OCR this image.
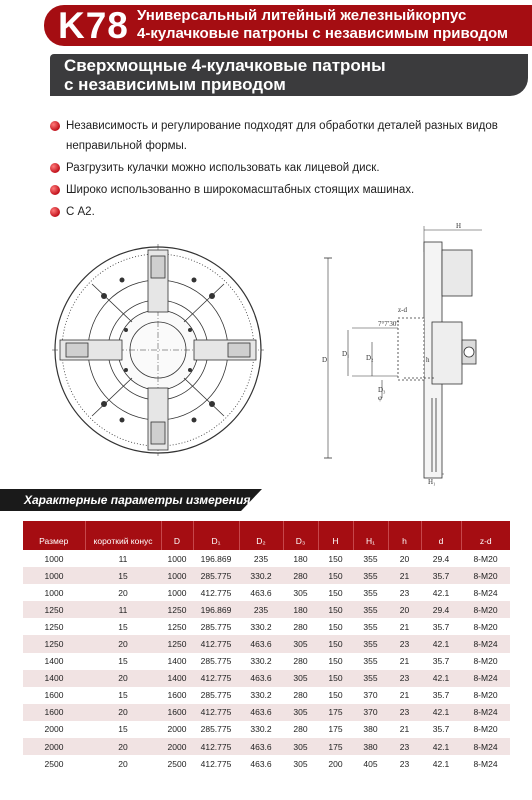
K78 Универсальный литейный железныйкорпус
4-кулачковые патроны с независимым приводом
Сверхмощные 4-кулачковые патроны
с независимым приводом
Независимость и регулирование подходят для обработки деталей разных видов неправильной формы.
Разгрузить кулачки можно использовать как лицевой диск.
Широко использованно в широкомасштабных стоящих машинах.
С А2.
H
D
D₁ D₂
D₃
h
H₁
z-d
7°7′30″
φ
Характерные параметры измерения
Размер	короткий конус	D	D₁	D₂	D₃	H	H₁	h	d	z-d
1000	11	1000	196.869	235	180	150	355	20	29.4	8-M20
1000	15	1000	285.775	330.2	280	150	355	21	35.7	8-M20
1000	20	1000	412.775	463.6	305	150	355	23	42.1	8-M24
1250	11	1250	196.869	235	180	150	355	20	29.4	8-M20
1250	15	1250	285.775	330.2	280	150	355	21	35.7	8-M20
1250	20	1250	412.775	463.6	305	150	355	23	42.1	8-M24
1400	15	1400	285.775	330.2	280	150	355	21	35.7	8-M20
1400	20	1400	412.775	463.6	305	150	355	23	42.1	8-M24
1600	15	1600	285.775	330.2	280	150	370	21	35.7	8-M20
1600	20	1600	412.775	463.6	305	175	370	23	42.1	8-M24
2000	15	2000	285.775	330.2	280	175	380	21	35.7	8-M20
2000	20	2000	412.775	463.6	305	175	380	23	42.1	8-M24
2500	20	2500	412.775	463.6	305	200	405	23	42.1	8-M24
